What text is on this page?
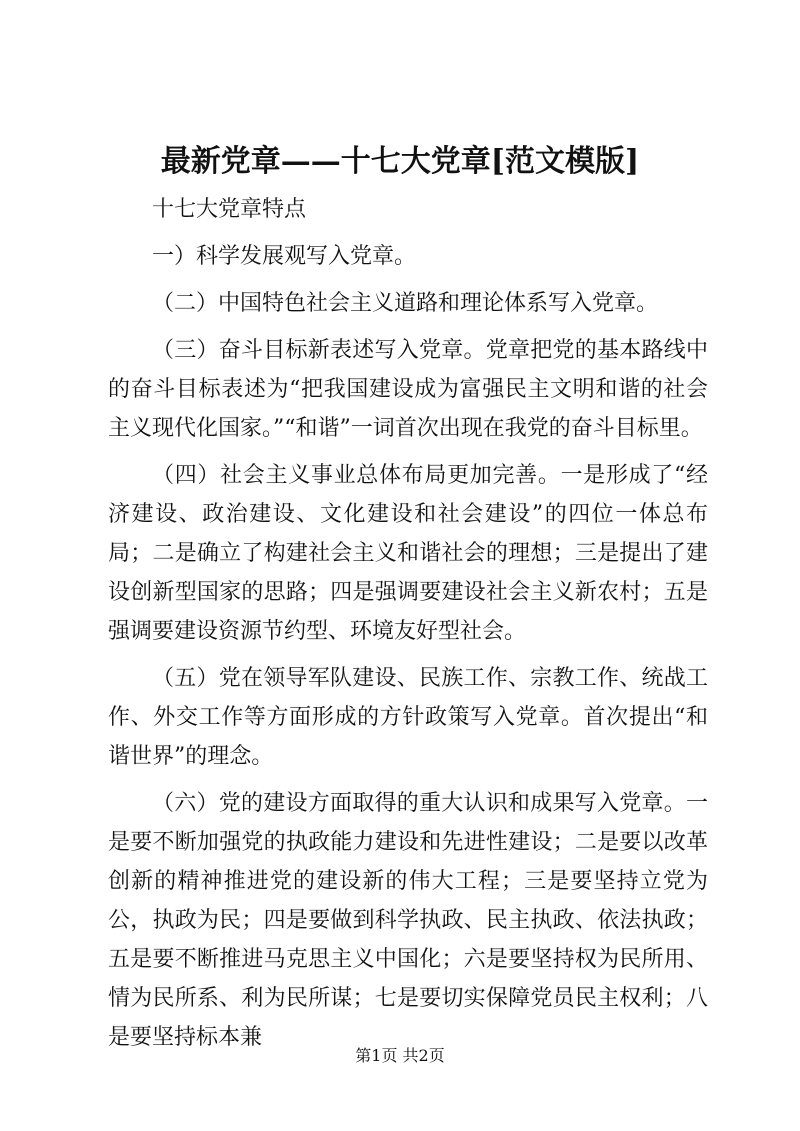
最新党章——十七大党章[范文模版]

十七大党章特点

一）科学发展观写入党章。

（二）中国特色社会主义道路和理论体系写入党章。

（三）奋斗目标新表述写入党章。党章把党的基本路线中的奋斗目标表述为“把我国建设成为富强民主文明和谐的社会主义现代化国家。”“和谐”一词首次出现在我党的奋斗目标里。

（四）社会主义事业总体布局更加完善。一是形成了“经济建设、政治建设、文化建设和社会建设”的四位一体总布局；二是确立了构建社会主义和谐社会的理想；三是提出了建设创新型国家的思路；四是强调要建设社会主义新农村；五是强调要建设资源节约型、环境友好型社会。

（五）党在领导军队建设、民族工作、宗教工作、统战工作、外交工作等方面形成的方针政策写入党章。首次提出“和谐世界”的理念。

（六）党的建设方面取得的重大认识和成果写入党章。一是要不断加强党的执政能力建设和先进性建设；二是要以改革创新的精神推进党的建设新的伟大工程；三是要坚持立党为公，执政为民；四是要做到科学执政、民主执政、依法执政；五是要不断推进马克思主义中国化；六是要坚持权为民所用、情为民所系、利为民所谋；七是要切实保障党员民主权利；八是要坚持标本兼

第1页 共2页
